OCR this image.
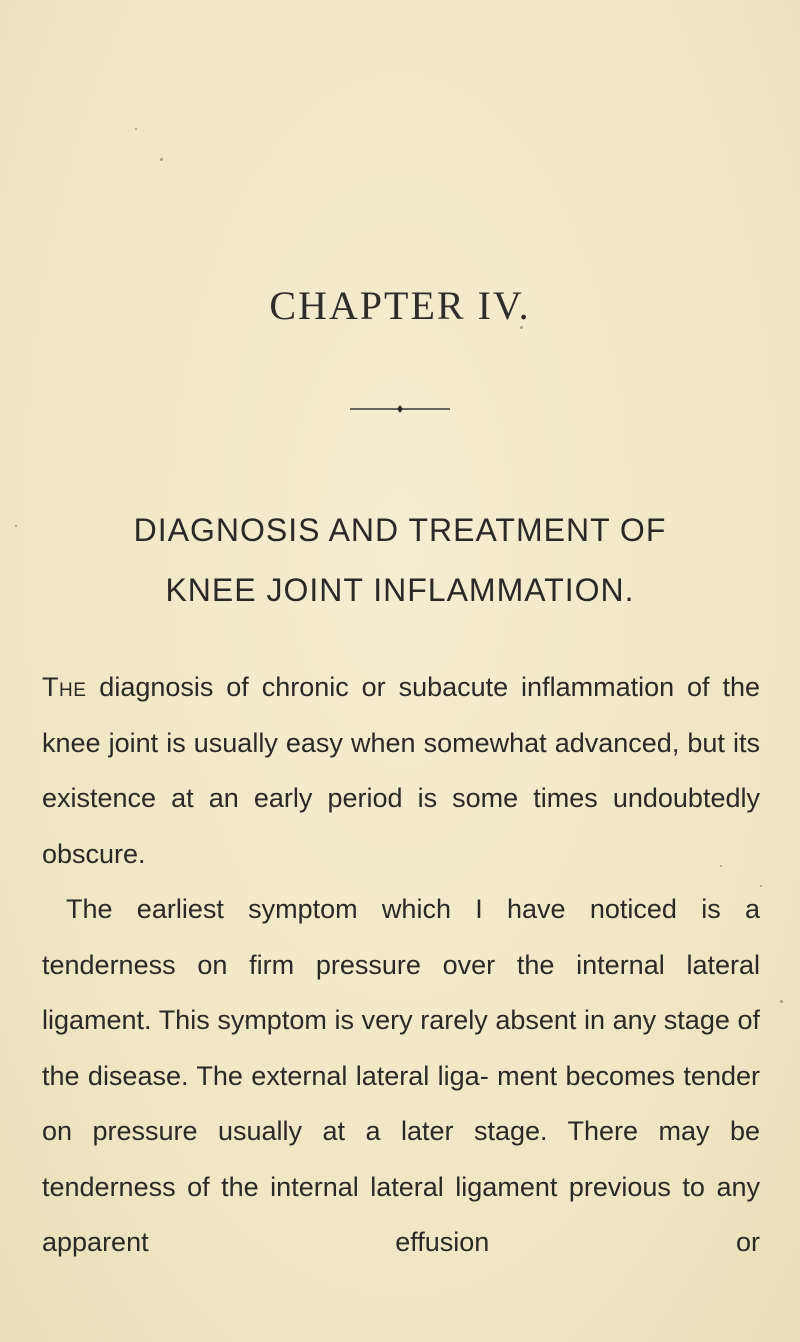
CHAPTER IV.
DIAGNOSIS AND TREATMENT OF
KNEE JOINT INFLAMMATION.

The diagnosis of chronic or subacute inflammation of the knee joint is usually easy when somewhat advanced, but its existence at an early period is some times undoubtedly obscure.

The earliest symptom which I have noticed is a tenderness on firm pressure over the internal lateral ligament. This symptom is very rarely absent in any stage of the disease. The external lateral liga- ment becomes tender on pressure usually at a later stage. There may be tenderness of the internal lateral ligament previous to any apparent effusion or
